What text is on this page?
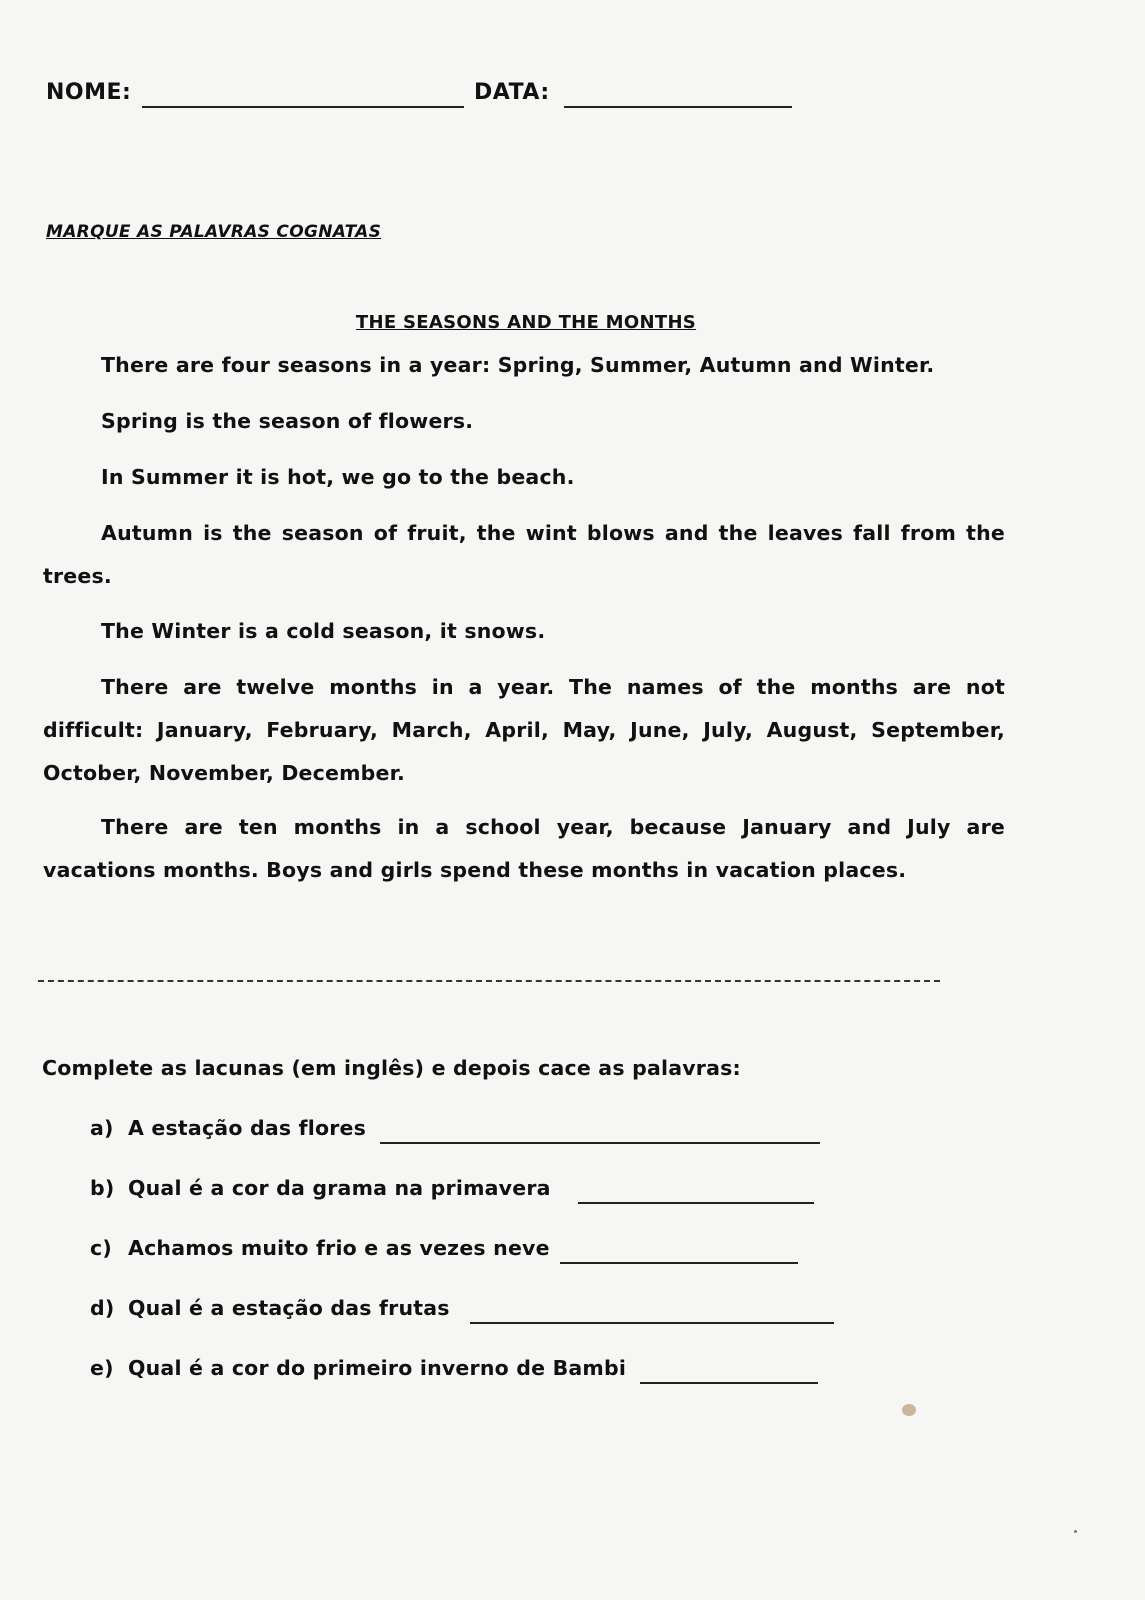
NOME:	DATA:
MARQUE AS PALAVRAS COGNATAS
THE SEASONS AND THE MONTHS
There are four seasons in a year: Spring, Summer, Autumn and Winter.
Spring is the season of flowers.
In Summer it is hot, we go to the beach.
Autumn is the season of fruit, the wint blows and the leaves fall from the trees.
The Winter is a cold season, it snows.
There are twelve months in a year. The names of the months are not difficult: January, February, March, April, May, June, July, August, September, October, November, December.
There are ten months in a school year, because January and July are vacations months. Boys and girls spend these months in vacation places.
Complete as lacunas (em inglês) e depois cace as palavras:
a) A estação das flores
b) Qual é a cor da grama na primavera
c) Achamos muito frio e as vezes neve
d) Qual é a estação das frutas
e) Qual é a cor do primeiro inverno de Bambi
